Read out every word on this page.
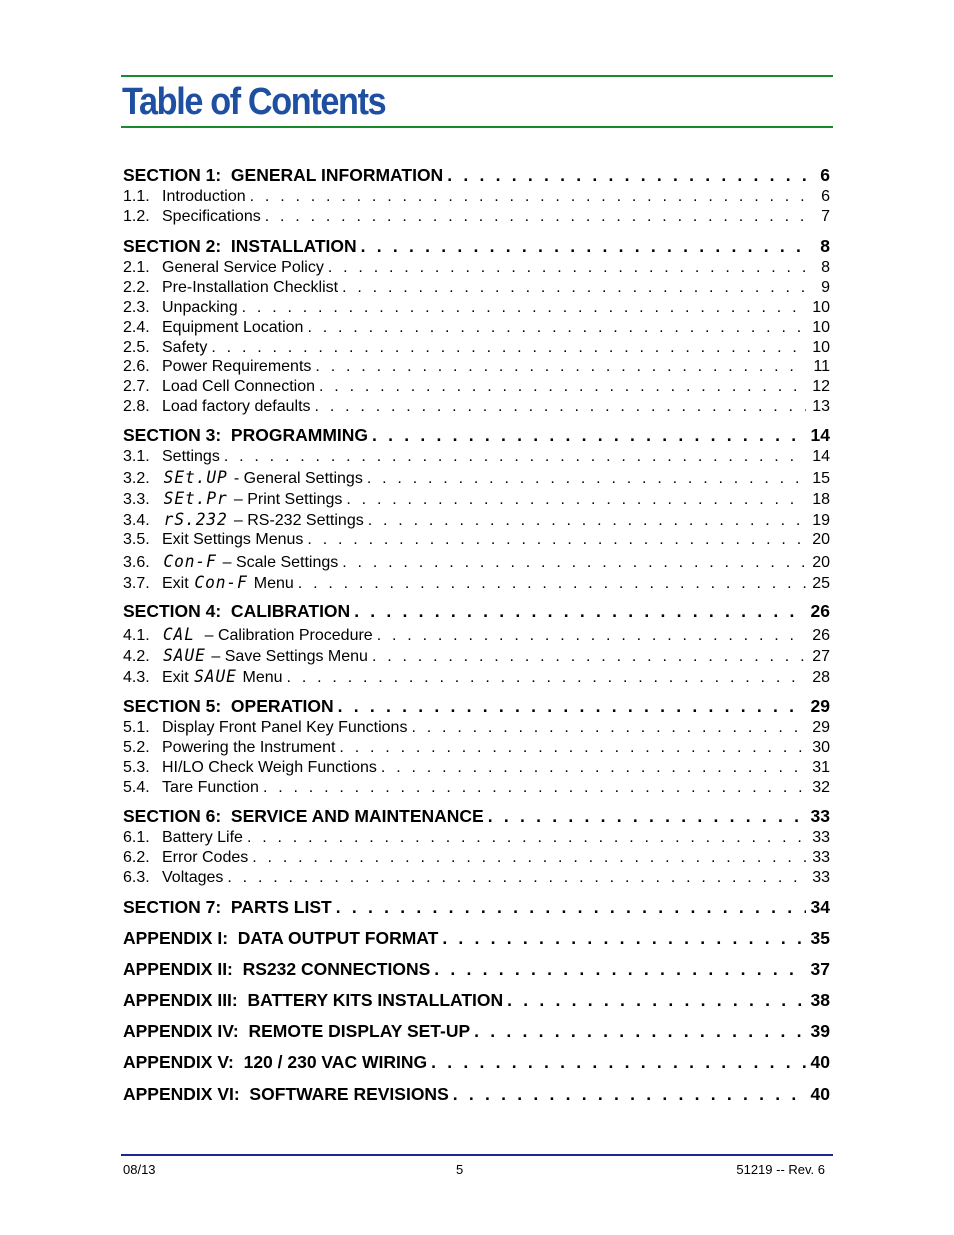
Table of Contents
SECTION 1:  GENERAL INFORMATION . . .	6
1.1. Introduction . . .	6
1.2. Specifications . . .	7
SECTION 2:  INSTALLATION . . .	8
2.1. General Service Policy . . .	8
2.2. Pre-Installation Checklist . . .	9
2.3. Unpacking . . .	10
2.4. Equipment Location . . .	10
2.5. Safety . . .	10
2.6. Power Requirements . . .	11
2.7. Load Cell Connection . . .	12
2.8. Load factory defaults . . .	13
SECTION 3:  PROGRAMMING . . .	14
3.1. Settings . . .	14
3.2. SEt.UP - General Settings . . .	15
3.3. SEt.Pr – Print Settings . . .	18
3.4. rS.232 – RS-232 Settings . . .	19
3.5. Exit Settings Menus . . .	20
3.6. Con-F – Scale Settings . . .	20
3.7. Exit Con-F Menu . . .	25
SECTION 4:  CALIBRATION . . .	26
4.1. CAL  – Calibration Procedure . . .	26
4.2. SAUE – Save Settings Menu . . .	27
4.3. Exit SAUE Menu . . .	28
SECTION 5:  OPERATION . . .	29
5.1. Display Front Panel Key Functions . . .	29
5.2. Powering the Instrument . . .	30
5.3. HI/LO Check Weigh Functions . . .	31
5.4. Tare Function . . .	32
SECTION 6:  SERVICE AND MAINTENANCE . . .	33
6.1. Battery Life . . .	33
6.2. Error Codes . . .	33
6.3. Voltages . . .	33
SECTION 7:  PARTS LIST . . .	34
APPENDIX I:  DATA OUTPUT FORMAT . . .	35
APPENDIX II:  RS232 CONNECTIONS . . .	37
APPENDIX III:  BATTERY KITS INSTALLATION . . .	38
APPENDIX IV:  REMOTE DISPLAY SET-UP . . .	39
APPENDIX V:  120 / 230 VAC WIRING . . .	40
APPENDIX VI:  SOFTWARE REVISIONS . . .	40
08/13	5	51219 -- Rev. 6
